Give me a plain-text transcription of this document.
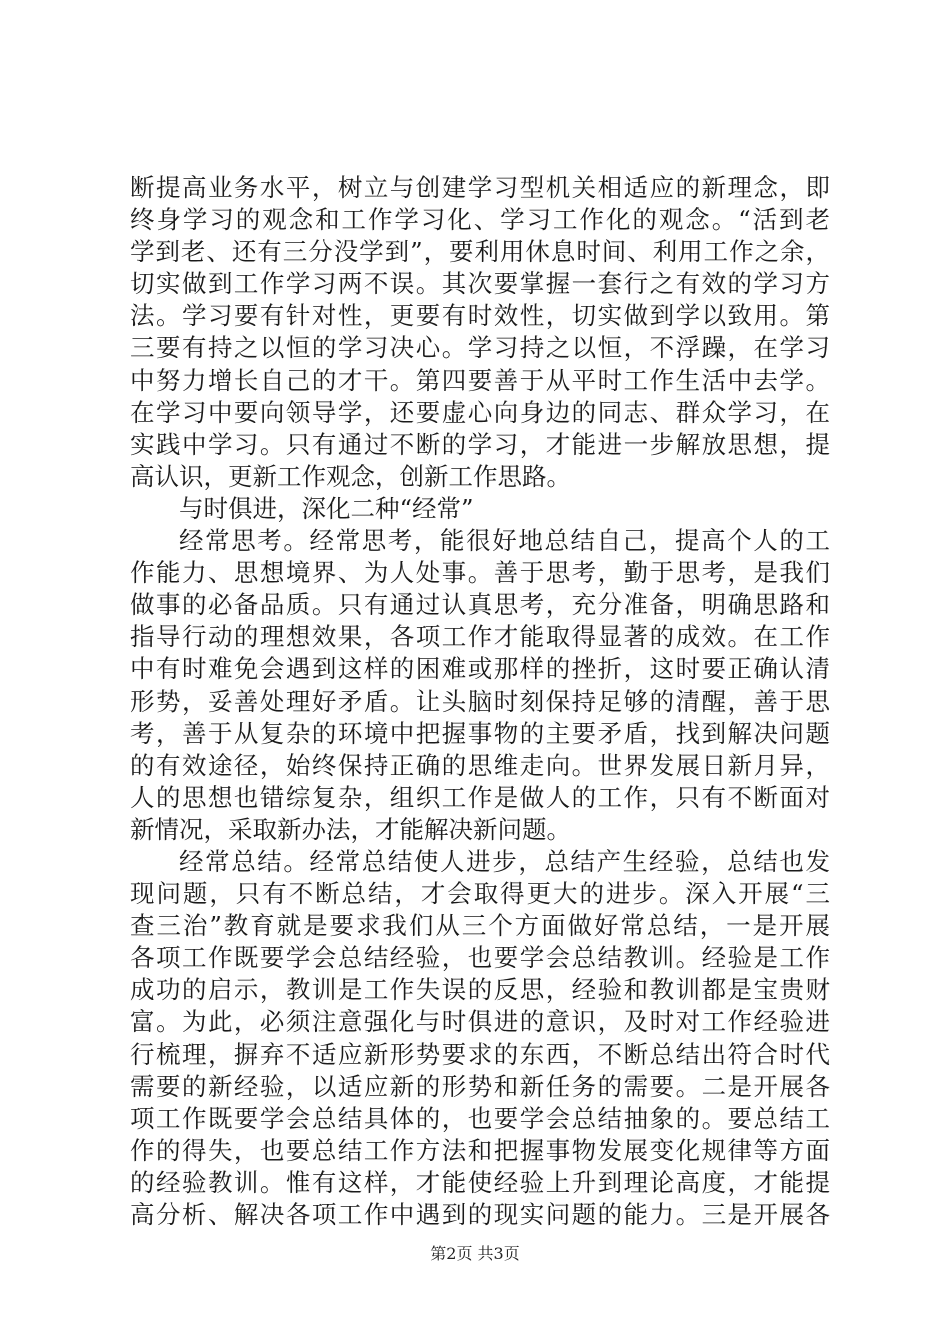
断提高业务水平，树立与创建学习型机关相适应的新理念，即
终身学习的观念和工作学习化、学习工作化的观念。“活到老
学到老、还有三分没学到”，要利用休息时间、利用工作之余，
切实做到工作学习两不误。其次要掌握一套行之有效的学习方
法。学习要有针对性，更要有时效性，切实做到学以致用。第
三要有持之以恒的学习决心。学习持之以恒，不浮躁，在学习
中努力增长自己的才干。第四要善于从平时工作生活中去学。
在学习中要向领导学，还要虚心向身边的同志、群众学习，在
实践中学习。只有通过不断的学习，才能进一步解放思想，提
高认识，更新工作观念，创新工作思路。
与时俱进，深化二种“经常”
经常思考。经常思考，能很好地总结自己，提高个人的工
作能力、思想境界、为人处事。善于思考，勤于思考，是我们
做事的必备品质。只有通过认真思考，充分准备，明确思路和
指导行动的理想效果，各项工作才能取得显著的成效。在工作
中有时难免会遇到这样的困难或那样的挫折，这时要正确认清
形势，妥善处理好矛盾。让头脑时刻保持足够的清醒，善于思
考，善于从复杂的环境中把握事物的主要矛盾，找到解决问题
的有效途径，始终保持正确的思维走向。世界发展日新月异，
人的思想也错综复杂，组织工作是做人的工作，只有不断面对
新情况，采取新办法，才能解决新问题。
经常总结。经常总结使人进步，总结产生经验，总结也发
现问题，只有不断总结，才会取得更大的进步。深入开展“三
查三治”教育就是要求我们从三个方面做好常总结，一是开展
各项工作既要学会总结经验，也要学会总结教训。经验是工作
成功的启示，教训是工作失误的反思，经验和教训都是宝贵财
富。为此，必须注意强化与时俱进的意识，及时对工作经验进
行梳理，摒弃不适应新形势要求的东西，不断总结出符合时代
需要的新经验，以适应新的形势和新任务的需要。二是开展各
项工作既要学会总结具体的，也要学会总结抽象的。要总结工
作的得失，也要总结工作方法和把握事物发展变化规律等方面
的经验教训。惟有这样，才能使经验上升到理论高度，才能提
高分析、解决各项工作中遇到的现实问题的能力。三是开展各
第2页 共3页
